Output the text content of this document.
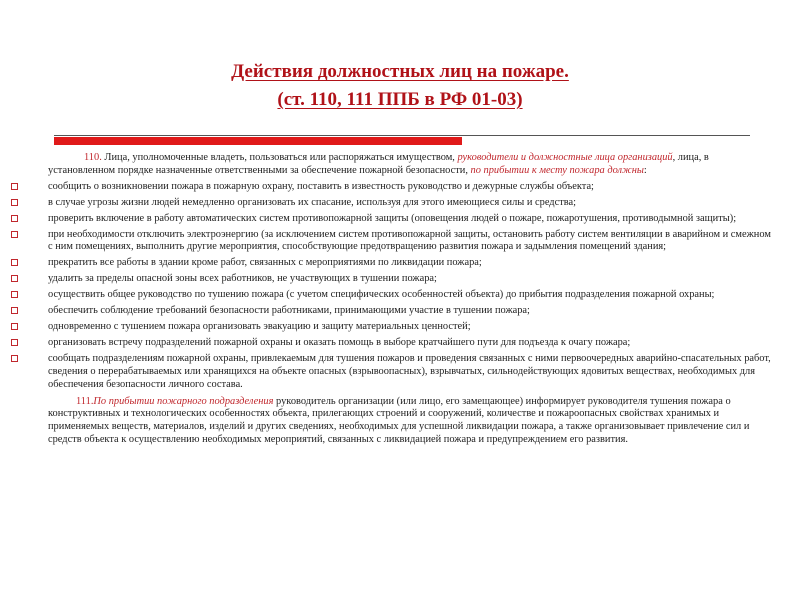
Действия должностных лиц на пожаре.
(ст. 110, 111 ППБ в РФ 01-03)

110. Лица, уполномоченные владеть, пользоваться или распоряжаться имуществом, руководители и должностные лица организаций, лица, в установленном порядке назначенные ответственными за обеспечение пожарной безопасности, по прибытии к месту пожара должны:

сообщить о возникновении пожара в пожарную охрану, поставить в известность руководство и дежурные службы объекта;
в случае угрозы жизни людей немедленно организовать их спасание, используя для этого имеющиеся силы и средства;
проверить включение в работу автоматических систем противопожарной защиты (оповещения людей о пожаре, пожаротушения, противодымной защиты);
при необходимости отключить электроэнергию (за исключением систем противопожарной защиты, остановить работу систем вентиляции в аварийном и смежном с ним помещениях, выполнить другие мероприятия, способствующие предотвращению развития пожара и задымления помещений здания;
прекратить все работы в здании кроме работ, связанных с мероприятиями по ликвидации пожара;
удалить за пределы опасной зоны всех работников, не участвующих в тушении пожара;
осуществить общее руководство по тушению пожара (с учетом специфических особенностей объекта) до прибытия подразделения пожарной охраны;
обеспечить соблюдение требований безопасности работниками, принимающими участие в тушении пожара;
одновременно с тушением пожара организовать эвакуацию и защиту материальных ценностей;
организовать встречу подразделений пожарной охраны и оказать помощь в выборе кратчайшего пути для подъезда к очагу пожара;
сообщать подразделениям пожарной охраны, привлекаемым для тушения пожаров и проведения связанных с ними первоочередных аварийно-спасательных работ, сведения о перерабатываемых или хранящихся на объекте опасных (взрывоопасных), взрывчатых, сильнодействующих ядовитых веществах, необходимых для обеспечения безопасности личного состава.

111.По прибытии пожарного подразделения руководитель организации (или лицо, его замещающее) информирует руководителя тушения пожара о конструктивных и технологических особенностях объекта, прилегающих строений и сооружений, количестве и пожароопасных свойствах хранимых и применяемых веществ, материалов, изделий и других сведениях, необходимых для успешной ликвидации пожара, а также организовывает привлечение сил и средств объекта к осуществлению необходимых мероприятий, связанных с ликвидацией пожара и предупреждением его развития.
